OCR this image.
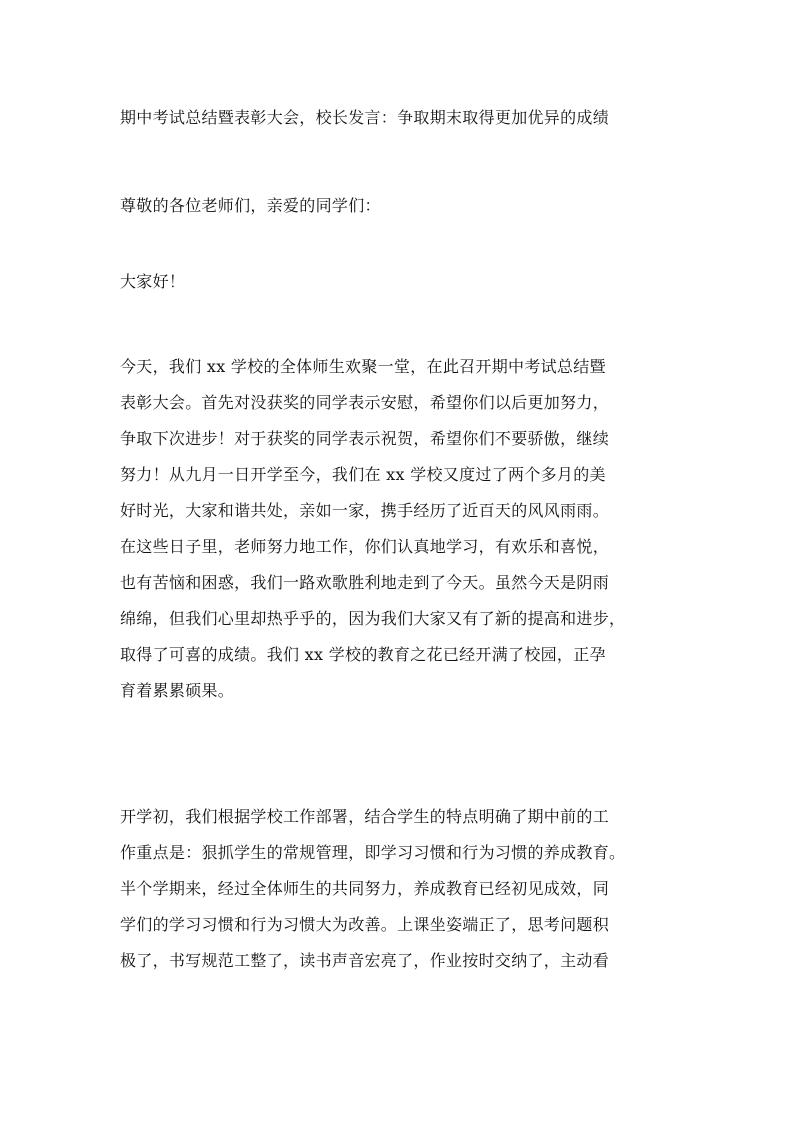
期中考试总结暨表彰大会，校长发言：争取期末取得更加优异的成绩
尊敬的各位老师们，亲爱的同学们：
大家好！
今天，我们 xx 学校的全体师生欢聚一堂，在此召开期中考试总结暨
表彰大会。首先对没获奖的同学表示安慰，希望你们以后更加努力，
争取下次进步！对于获奖的同学表示祝贺，希望你们不要骄傲，继续
努力！从九月一日开学至今，我们在 xx 学校又度过了两个多月的美
好时光，大家和谐共处，亲如一家，携手经历了近百天的风风雨雨。
在这些日子里，老师努力地工作，你们认真地学习，有欢乐和喜悦，
也有苦恼和困惑，我们一路欢歌胜利地走到了今天。虽然今天是阴雨
绵绵，但我们心里却热乎乎的，因为我们大家又有了新的提高和进步，
取得了可喜的成绩。我们 xx 学校的教育之花已经开满了校园，正孕
育着累累硕果。
开学初，我们根据学校工作部署，结合学生的特点明确了期中前的工
作重点是：狠抓学生的常规管理，即学习习惯和行为习惯的养成教育。
半个学期来，经过全体师生的共同努力，养成教育已经初见成效，同
学们的学习习惯和行为习惯大为改善。上课坐姿端正了，思考问题积
极了，书写规范工整了，读书声音宏亮了，作业按时交纳了，主动看
